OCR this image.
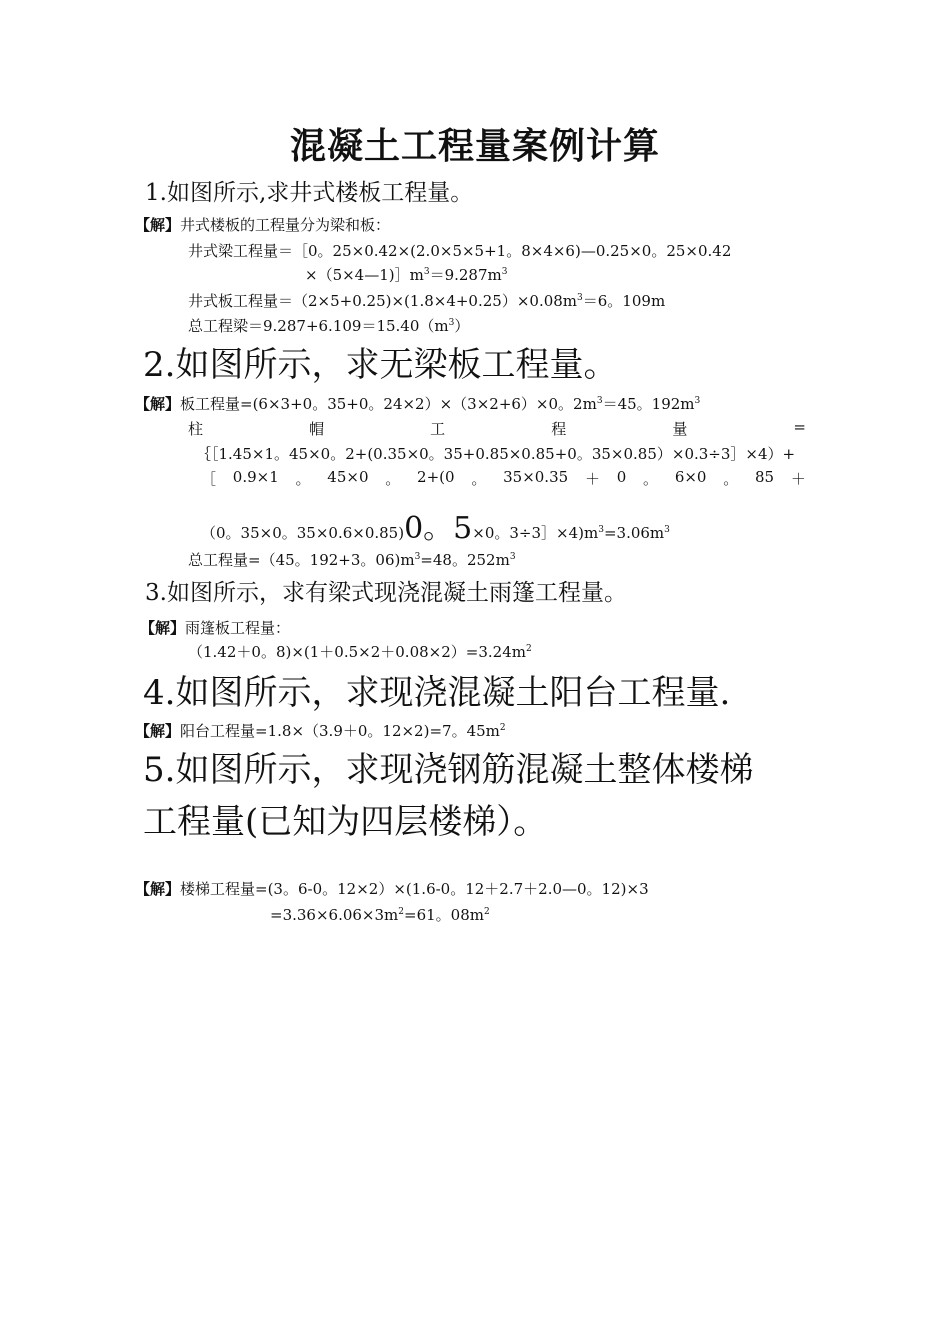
混凝土工程量案例计算
1.如图所示,求井式楼板工程量。
【解】井式楼板的工程量分为梁和板：
井式梁工程量＝［0。25×0.42×(2.0×5×5+1。8×4×6)—0.25×0。25×0.42
$\times(5\times 4—1)]m^3=9.287m^3$
井式板工程量$=(2\times 5+0.25)\times(1.8\times 4+0.25)\times 0.08m^3=6$。109m
总工程梁$=9.287+6.109=15.40(m^3)$
2.如图所示，求无梁板工程量。
【解】板工程量=(6×3+0。35+0。24×2）×（3×2+6）×0。$2m^3=45$。$192m^3$
柱	帽	工	程	量	=
｛［1.45×1。45×0。2+(0.35×0。35+0.85×0.85+0。35×0.85）×0.3÷3］×4）+
［ 0.9×1 。 45×0 。 2+(0 。 35×0.35 ＋ 0 。 6×0 。 85 ＋
（0。35×0。35×0.6×0.85)0。5×0。$3\div 3]\times 4)m^3=3.06m^3$
总工程量=（45。192+3。$06)m^3=48$。$252m^3$
3.如图所示，求有梁式现浇混凝土雨篷工程量。
【解】雨篷板工程量：
（1.42＋0。$8)\times(1+0.5\times 2+0.08\times 2)=3.24m^2$
4.如图所示，求现浇混凝土阳台工程量.
【解】阳台工程量=1.8×（3.9＋0。12×2)=7。$45m^2$
5.如图所示，求现浇钢筋混凝土整体楼梯
工程量(已知为四层楼梯）。
【解】楼梯工程量=(3。6-0。12×2）×(1.6-0。12＋2.7＋2.0—0。12)×3
$=3.36\times 6.06\times 3m^2=61$。$08m^2$
